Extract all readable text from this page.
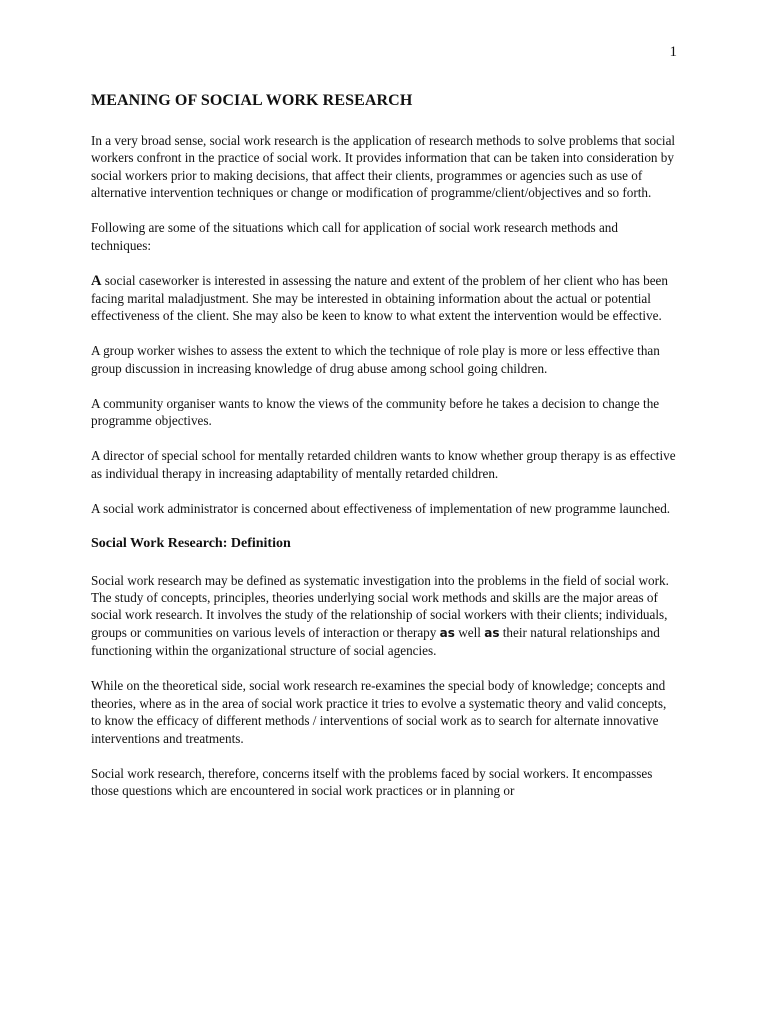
1
MEANING OF SOCIAL WORK RESEARCH

In a very broad sense, social work research is the application of research methods to solve problems that social workers confront in the practice of social work. It provides information that can be taken into consideration by social workers prior to making decisions, that affect their clients, programmes or agencies such as use of alternative intervention techniques or change or modification of programme/client/objectives and so forth.

Following are some of the situations which call for application of social work research methods and techniques:

A social caseworker is interested in assessing the nature and extent of the problem of her client who has been facing marital maladjustment. She may be interested in obtaining information about the actual or potential effectiveness of the client. She may also be keen to know to what extent the intervention would be effective.

A group worker wishes to assess the extent to which the technique of role play is more or less effective than group discussion in increasing knowledge of drug abuse among school going children.

A community organiser wants to know the views of the community before he takes a decision to change the programme objectives.

A director of special school for mentally retarded children wants to know whether group therapy is as effective as individual therapy in increasing adaptability of mentally retarded children.

A social work administrator is concerned about effectiveness of implementation of new programme launched.

Social Work Research: Definition

Social work research may be defined as systematic investigation into the problems in the field of social work. The study of concepts, principles, theories underlying social work methods and skills are the major areas of social work research. It involves the study of the relationship of social workers with their clients; individuals, groups or communities on various levels of interaction or therapy as well as their natural relationships and functioning within the organizational structure of social agencies.

While on the theoretical side, social work research re-examines the special body of knowledge; concepts and theories, where as in the area of social work practice it tries to evolve a systematic theory and valid concepts, to know the efficacy of different methods / interventions of social work as to search for alternate innovative interventions and treatments.

Social work research, therefore, concerns itself with the problems faced by social workers. It encompasses those questions which are encountered in social work practices or in planning or
